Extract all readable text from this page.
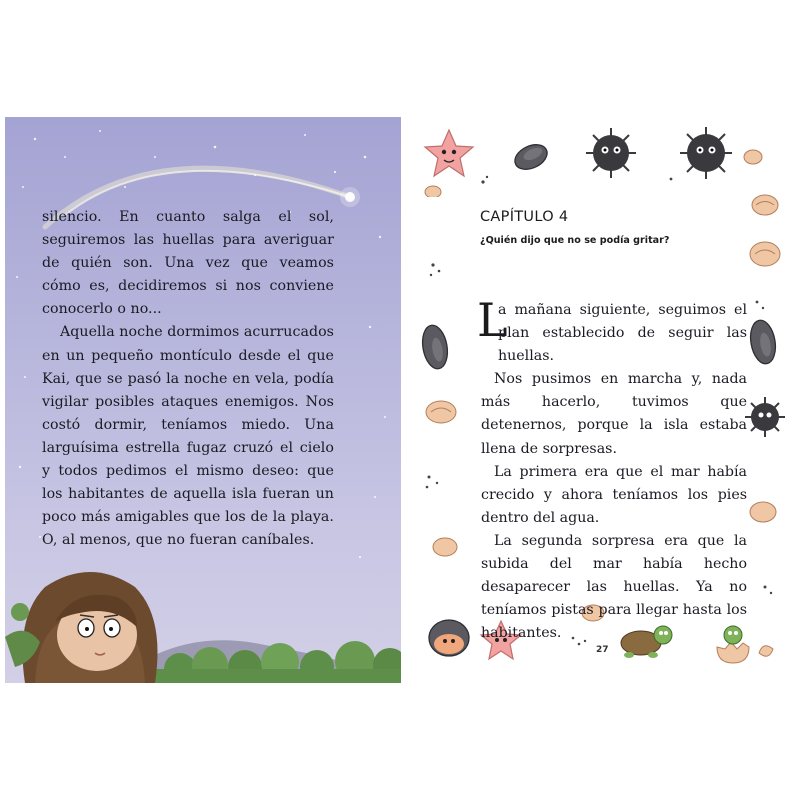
silencio. En cuanto salga el sol, seguiremos las huellas para averiguar de quién son. Una vez que veamos cómo es, decidiremos si nos conviene conocerlo o no...

Aquella noche dormimos acurrucados en un pequeño montículo desde el que Kai, que se pasó la noche en vela, podía vigilar posibles ataques enemigos. Nos costó dormir, teníamos miedo. Una larguísima estrella fugaz cruzó el cielo y todos pedimos el mismo deseo: que los habitantes de aquella isla fueran un poco más amigables que los de la playa. O, al menos, que no fueran caníbales.

CAPÍTULO 4
¿Quién dijo que no se podía gritar?
L

a mañana siguiente, seguimos el plan establecido de seguir las huellas.

Nos pusimos en marcha y, nada más hacerlo, tuvimos que detenernos, porque la isla estaba llena de sorpresas.

La primera era que el mar había crecido y ahora teníamos los pies dentro del agua.

La segunda sorpresa era que la subida del mar había hecho desaparecer las huellas. Ya no teníamos pistas para llegar hasta los habitantes.

27
